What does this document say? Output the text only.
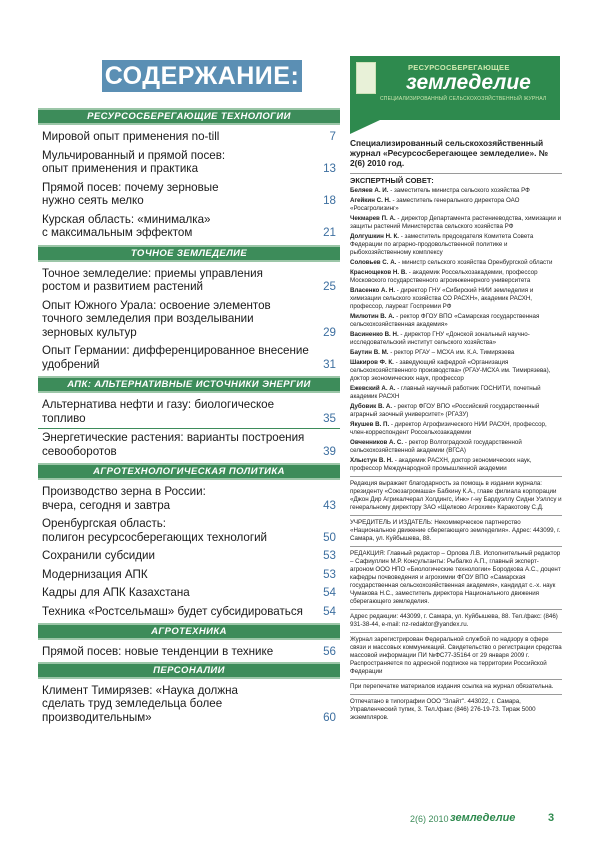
СОДЕРЖАНИЕ:
РЕСУРСОСБЕРЕГАЮЩИЕ ТЕХНОЛОГИИ
Мировой опыт применения no-till	7
Мульчированный и прямой посев:
опыт применения и практика	13
Прямой посев: почему зерновые
нужно сеять мелко	18
Курская область: «минималка»
с максимальным эффектом	21
ТОЧНОЕ ЗЕМЛЕДЕЛИЕ
Точное земледелие: приемы управления
ростом и развитием растений	25
Опыт Южного Урала: освоение элементов
точного земледелия при возделывании
зерновых культур	29
Опыт Германии: дифференцированное внесение
удобрений	31
АПК: АЛЬТЕРНАТИВНЫЕ ИСТОЧНИКИ ЭНЕРГИИ
Альтернатива нефти и газу: биологическое топливо	35
Энергетические растения: варианты построения
севооборотов	39
АГРОТЕХНОЛОГИЧЕСКАЯ ПОЛИТИКА
Производство зерна в России:
вчера, сегодня и завтра	43
Оренбургская область:
полигон ресурсосберегающих технологий	50
Сохранили субсидии	53
Модернизация АПК	53
Кадры для АПК Казахстана	54
Техника «Ростсельмаш» будет субсидироваться 54
АГРОТЕХНИКА
Прямой посев: новые тенденции в технике	56
ПЕРСОНАЛИИ
Климент Тимирязев: «Наука должна
сделать труд земледельца более
производительным»	60
РЕСУРСОСБЕРЕГАЮЩЕЕ
земледелие
СПЕЦИАЛИЗИРОВАННЫЙ СЕЛЬСКОХОЗЯЙСТВЕННЫЙ ЖУРНАЛ
Специализированный сельскохозяйственный журнал «Ресурсосберегающее земледелие». № 2(6) 2010 год.
ЭКСПЕРТНЫЙ СОВЕТ:

Беляев А. И. - заместитель министра сельского хозяйства РФ

Агейкин С. Н. - заместитель генерального директора ОАО «Росагролизинг»

Чекмарев П. А. - директор Департамента растениеводства, химизации и защиты растений Министерства сельского хозяйства РФ

Долгушкин Н. К. - заместитель председателя Комитета Совета Федерации по аграрно-продовольственной политике и рыбохозяйственному комплексу

Соловьев С. А. - министр сельского хозяйства Оренбургской области

Краснощеков Н. В. - академик Россельхозакадемии, профессор Московского государственного агроинженерного университета

Власенко А. Н. - директор ГНУ «Сибирский НИИ земледелия и химизации сельского хозяйства СО РАСХН», академик РАСХН, профессор, лауреат Госпремии РФ

Милютин В. А. - ректор ФГОУ ВПО «Самарская государственная сельскохозяйственная академия»

Васиненко В. Н. - директор ГНУ «Донской зональный научно-исследовательский институт сельского хозяйства»

Баутин В. М. - ректор РГАУ – МСХА им. К.А. Тимирязева

Шакиров Ф. К. - заведующий кафедрой «Организация сельскохозяйственного производства» (РГАУ-МСХА им. Тимирязева), доктор экономических наук, профессор

Ежевский А. А. - главный научный работник ГОСНИТИ, почетный академик РАСХН

Дубовик В. А. - ректор ФГОУ ВПО «Российский государственный аграрный заочный университет» (РГАЗУ)

Якушев В. П. - директор Агрофизического НИИ РАСХН, профессор, член-корреспондент Россельхозакадемии

Овченников А. С. - ректор Волгоградской государственной сельскохозяйственной академии (ВГСА)

Хлыстун В. Н. - академик РАСХН, доктор экономических наук, профессор Международной промышленной академии

Редакция выражает благодарность за помощь в издании журнала: президенту «Союзагромаша» Бабкину К.А., главе филиала корпорации «Джон Дир Агрикалчерал Холдингс, Инк» г-ну Бардуэллу Сидни Уэллсу и генеральному директору ЗАО «Щелково Агрохим» Каракотову С.Д.

УЧРЕДИТЕЛЬ И ИЗДАТЕЛЬ: Некоммерческое партнерство «Национальное движение сберегающего земледелия». Адрес: 443099, г. Самара, ул. Куйбышева, 88.

РЕДАКЦИЯ: Главный редактор – Орлова Л.В. Исполнительный редактор – Сафиуллин М.Р. Консультанты: Рыбалко А.П., главный эксперт-агроном ООО НПО «Биологические технологии» Бородкова А.С., доцент кафедры почвоведения и агрохимии ФГОУ ВПО «Самарская государственная сельскохозяйственная академия», кандидат с.-х. наук Чумакова Н.С., заместитель директора Национального движения сберегающего земледелия.

Адрес редакции: 443099, г. Самара, ул. Куйбышева, 88. Тел./факс: (846) 931-38-44, e-mail: nz-redaktor@yandex.ru.

Журнал зарегистрирован Федеральной службой по надзору в сфере связи и массовых коммуникаций. Свидетельство о регистрации средства массовой информации ПИ №ФС77-35164 от 29 января 2009 г. Распространяется по адресной подписке на территории Российской Федерации

При перепечатке материалов издания ссылка на журнал обязательна.

Отпечатано в типографии ООО "Злайт". 443022, г. Самара, Управленческий тупик, 3. Тел./факс (846) 276-19-73. Тираж 5000 экземпляров.

2(6) 2010 земледелие	3
